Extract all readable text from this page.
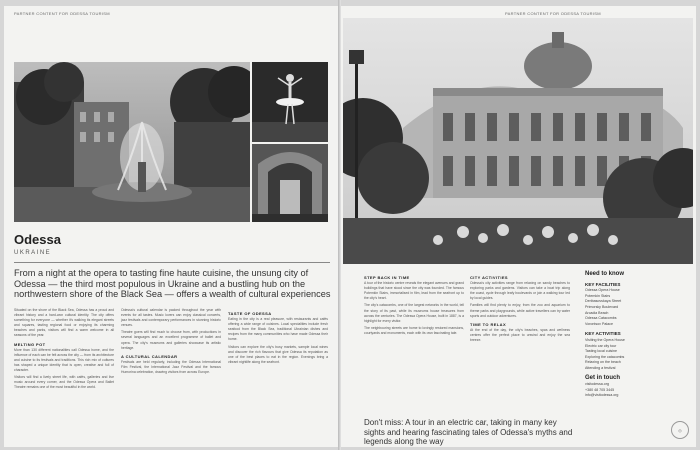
PARTNER CONTENT FOR ODESSA TOURISM
Odessa
UKRAINE
From a night at the opera to tasting fine haute cuisine, the unsung city of Odessa — the third most populous in Ukraine and a bustling hub on the northwestern shore of the Black Sea — offers a wealth of cultural experiences

Situated on the shore of the Black Sea, Odessa has a proud and vibrant history and a hard-won cultural identity. The city offers something for everyone — whether it's walking its elegant streets and squares, tasting regional food or enjoying its charming beaches and parks, visitors will find a warm welcome in all seasons of the year.

MELTING POT

More than 130 different nationalities call Odessa home, and the influence of each can be felt across the city — from its architecture and cuisine to its festivals and traditions. This rich mix of cultures has shaped a unique identity that is open, creative and full of character.

Visitors will find a lively street life, with cafés, galleries and live music around every corner, and the Odessa Opera and Ballet Theatre remains one of the most beautiful in the world.

Odessa's cultural calendar is packed throughout the year with events for all tastes. Music lovers can enjoy classical concerts, jazz festivals and contemporary performances in stunning historic venues.

Theatre goers will find much to choose from, with productions in several languages and an excellent programme of ballet and opera. The city's museums and galleries showcase its artistic heritage.

A CULTURAL CALENDAR

Festivals are held regularly, including the Odessa International Film Festival, the International Jazz Festival and the famous Humorina celebration, drawing visitors from across Europe.

TASTE OF ODESSA

Eating in the city is a real pleasure, with restaurants and cafés offering a wide range of cuisines. Local specialities include fresh seafood from the Black Sea, traditional Ukrainian dishes and recipes from the many communities who have made Odessa their home.

Visitors can explore the city's busy markets, sample local wines and discover the rich flavours that give Odessa its reputation as one of the best places to eat in the region. Evenings bring a vibrant nightlife along the seafront.

PARTNER CONTENT FOR ODESSA TOURISM
STEP BACK IN TIME

A tour of the historic centre reveals the elegant avenues and grand buildings that have stood since the city was founded. The famous Potemkin Stairs, immortalised in film, lead from the seafront up to the city's heart.

The city's catacombs, one of the largest networks in the world, tell the story of its past, while its museums house treasures from across the centuries. The Odessa Opera House, built in 1887, is a highlight for every visitor.

The neighbouring streets are home to lovingly restored mansions, courtyards and monuments, each with its own fascinating tale.

CITY ACTIVITIES

Odessa's city activities range from relaxing on sandy beaches to exploring parks and gardens. Visitors can take a boat trip along the coast, cycle through leafy boulevards or join a walking tour led by local guides.

Families will find plenty to enjoy, from the zoo and aquarium to theme parks and playgrounds, while active travellers can try water sports and outdoor adventures.

TIME TO RELAX

At the end of the day, the city's beaches, spas and wellness centres offer the perfect place to unwind and enjoy the sea breeze.

Don't miss: A tour in an electric car, taking in many key sights and hearing fascinating tales of Odessa's myths and legends along the way
Need to know
KEY FACILITIES
Odessa Opera House
Potemkin Stairs
Deribasovskaya Street
Primorsky Boulevard
Arcadia Beach
Odessa Catacombs
Vorontsov Palace
KEY ACTIVITIES
Visiting the Opera House
Electric car city tour
Tasting local cuisine
Exploring the catacombs
Relaxing on the beach
Attending a festival
Get in touch
visitodessa.org
+380 48 705 3445
info@visitodessa.org
◎
